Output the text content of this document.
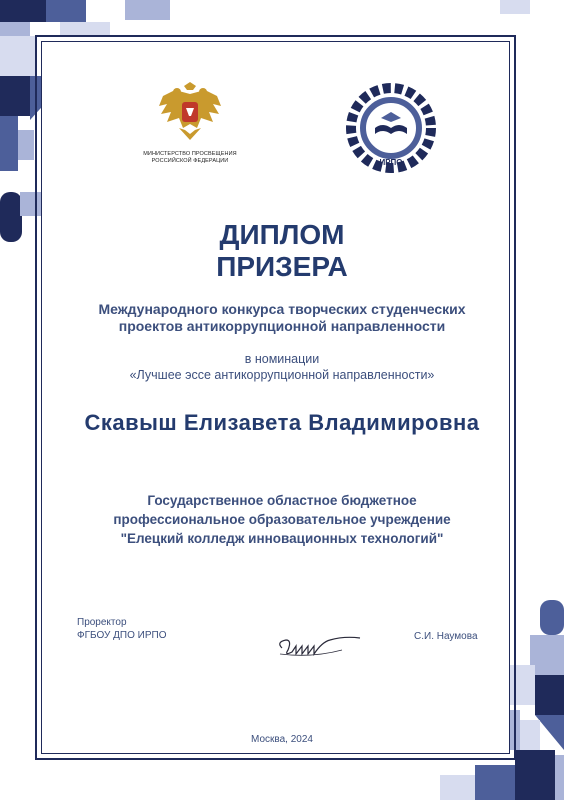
МИНИСТЕРСТВО ПРОСВЕЩЕНИЯ РОССИЙСКОЙ ФЕДЕРАЦИИ	ИРПО
ДИПЛОМ
ПРИЗЕРА
Международного конкурса творческих студенческих
проектов антикоррупционной направленности
в номинации
«Лучшее эссе антикоррупционной направленности»
Скавыш Елизавета Владимировна
Государственное областное бюджетное
профессиональное образовательное учреждение
"Елецкий колледж инновационных технологий"
Проректор
ФГБОУ ДПО ИРПО	С.И. Наумова
Москва, 2024
